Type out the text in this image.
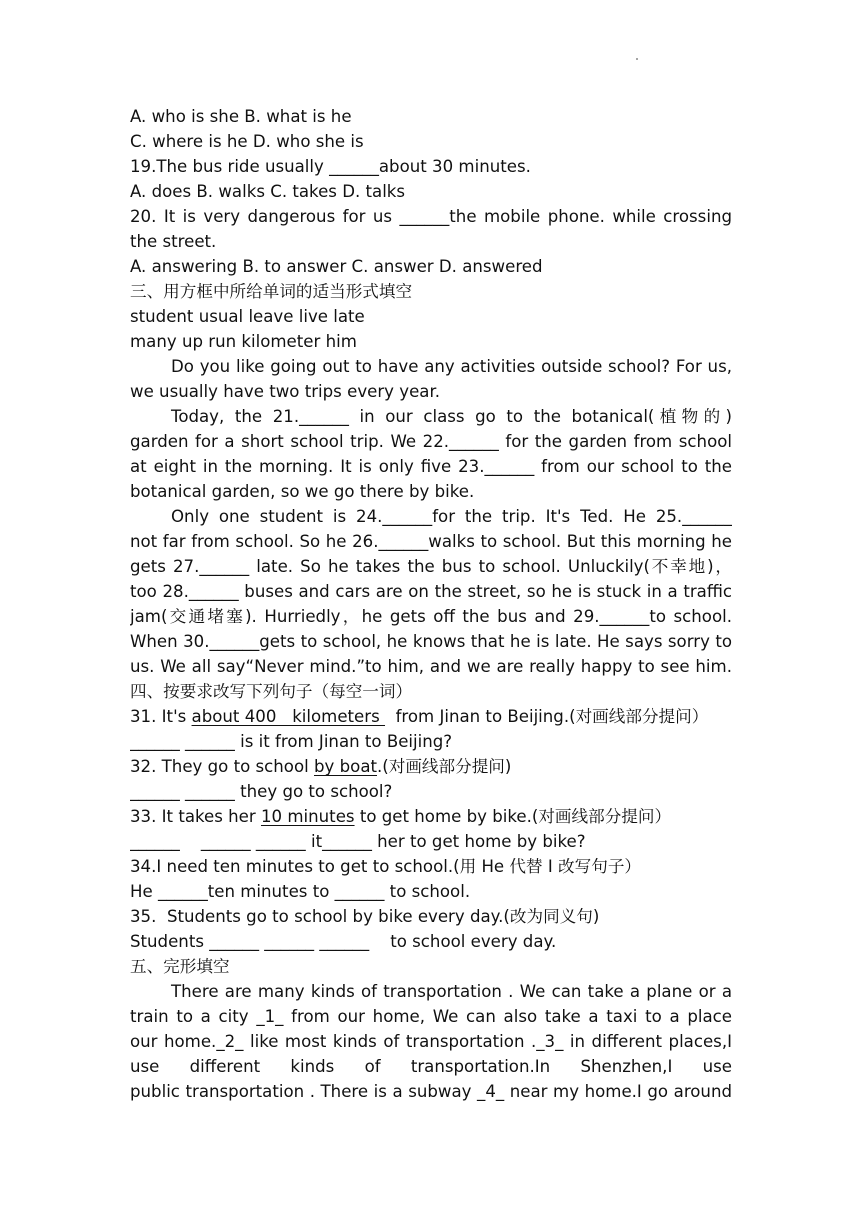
A. who is she B. what is he
C. where is he D. who she is
19.The bus ride usually ______about 30 minutes.
A. does B. walks C. takes D. talks
20. It is very dangerous for us ______the mobile phone. while crossing
the street.
A. answering B. to answer C. answer D. answered
三、用方框中所给单词的适当形式填空
student usual leave live late
many up run kilometer him
Do you like going out to have any activities outside school? For us,
we usually have two trips every year.
Today, the 21.______ in our class go to the botanical(植物的)
garden for a short school trip. We 22.______ for the garden from school
at eight in the morning. It is only five 23.______ from our school to the
botanical garden, so we go there by bike.
Only one student is 24.______for the trip. It's Ted. He 25.______
not far from school. So he 26.______walks to school. But this morning he
gets 27.______ late. So he takes the bus to school. Unluckily(不幸地)，
too 28.______ buses and cars are on the street, so he is stuck in a traffic
jam(交通堵塞). Hurriedly，he gets off the bus and 29.______to school.
When 30.______gets to school, he knows that he is late. He says sorry to
us. We all say“Never mind.”to him, and we are really happy to see him.
四、按要求改写下列句子（每空一词）
31. It's about 400   kilometers   from Jinan to Beijing.(对画线部分提问）
______ ______ is it from Jinan to Beijing?
32. They go to school by boat.(对画线部分提问)
______ ______ they go to school?
33. It takes her 10 minutes to get home by bike.(对画线部分提问）
______    ______ ______ it______ her to get home by bike?
34.I need ten minutes to get to school.(用 He 代替 I 改写句子）
He ______ten minutes to ______ to school.
35.  Students go to school by bike every day.(改为同义句)
Students ______ ______ ______    to school every day.
五、完形填空
There are many kinds of transportation . We can take a plane or a
train to a city _1_ from our home, We can also take a taxi to a place
our home._2_ like most kinds of transportation ._3_ in different places,I
use different kinds of transportation.In Shenzhen,I use
public transportation . There is a subway _4_ near my home.I go around
